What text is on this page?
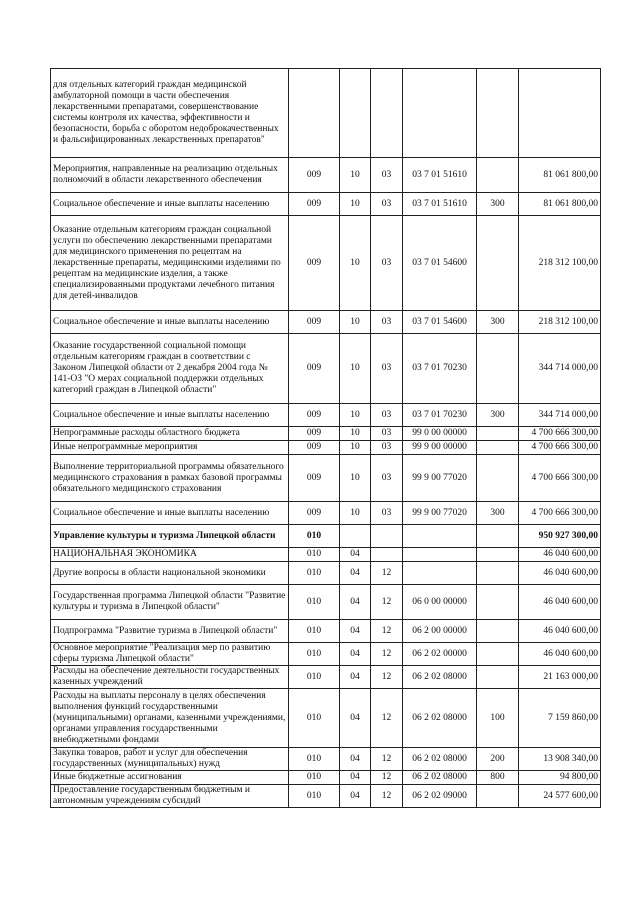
для отдельных категорий граждан медицинской амбулаторной помощи в части обеспечения лекарственными препаратами, совершенствование системы контроля их качества, эффективности и безопасности, борьба с оборотом недоброкачественных и фальсифицированных лекарственных препаратов"						
Мероприятия, направленные на реализацию отдельных полномочий в области лекарственного обеспечения	009	10	03	03 7 01 51610		81 061 800,00
Социальное обеспечение и иные выплаты населению	009	10	03	03 7 01 51610	300	81 061 800,00
Оказание отдельным категориям граждан социальной услуги по обеспечению лекарственными препаратами для медицинского применения по рецептам на лекарственные препараты, медицинскими изделиями по рецептам на медицинские изделия, а также специализированными продуктами лечебного питания для детей-инвалидов	009	10	03	03 7 01 54600		218 312 100,00
Социальное обеспечение и иные выплаты населению	009	10	03	03 7 01 54600	300	218 312 100,00
Оказание государственной социальной помощи отдельным категориям граждан в соответствии с Законом Липецкой области от 2 декабря 2004 года № 141-ОЗ "О мерах социальной поддержки отдельных категорий граждан в Липецкой области"	009	10	03	03 7 01 70230		344 714 000,00
Социальное обеспечение и иные выплаты населению	009	10	03	03 7 01 70230	300	344 714 000,00
Непрограммные расходы областного бюджета	009	10	03	99 0 00 00000		4 700 666 300,00
Иные непрограммные мероприятия	009	10	03	99 9 00 00000		4 700 666 300,00
Выполнение территориальной программы обязательного медицинского страхования в рамках базовой программы обязательного медицинского страхования	009	10	03	99 9 00 77020		4 700 666 300,00
Социальное обеспечение и иные выплаты населению	009	10	03	99 9 00 77020	300	4 700 666 300,00
Управление культуры и туризма Липецкой области	010					950 927 300,00
НАЦИОНАЛЬНАЯ ЭКОНОМИКА	010	04				46 040 600,00
Другие вопросы в области национальной экономики	010	04	12			46 040 600,00
Государственная программа Липецкой области "Развитие культуры и туризма в Липецкой области"	010	04	12	06 0 00 00000		46 040 600,00
Подпрограмма "Развитие туризма в Липецкой области"	010	04	12	06 2 00 00000		46 040 600,00
Основное мероприятие "Реализация мер по развитию сферы туризма Липецкой области"	010	04	12	06 2 02 00000		46 040 600,00
Расходы на обеспечение деятельности государственных казенных учреждений	010	04	12	06 2 02 08000		21 163 000,00
Расходы на выплаты персоналу в целях обеспечения выполнения функций государственными (муниципальными) органами, казенными учреждениями, органами управления государственными внебюджетными фондами	010	04	12	06 2 02 08000	100	7 159 860,00
Закупка товаров, работ и услуг для обеспечения государственных (муниципальных) нужд	010	04	12	06 2 02 08000	200	13 908 340,00
Иные бюджетные ассигнования	010	04	12	06 2 02 08000	800	94 800,00
Предоставление государственным бюджетным и автономным учреждениям субсидий	010	04	12	06 2 02 09000		24 577 600,00
